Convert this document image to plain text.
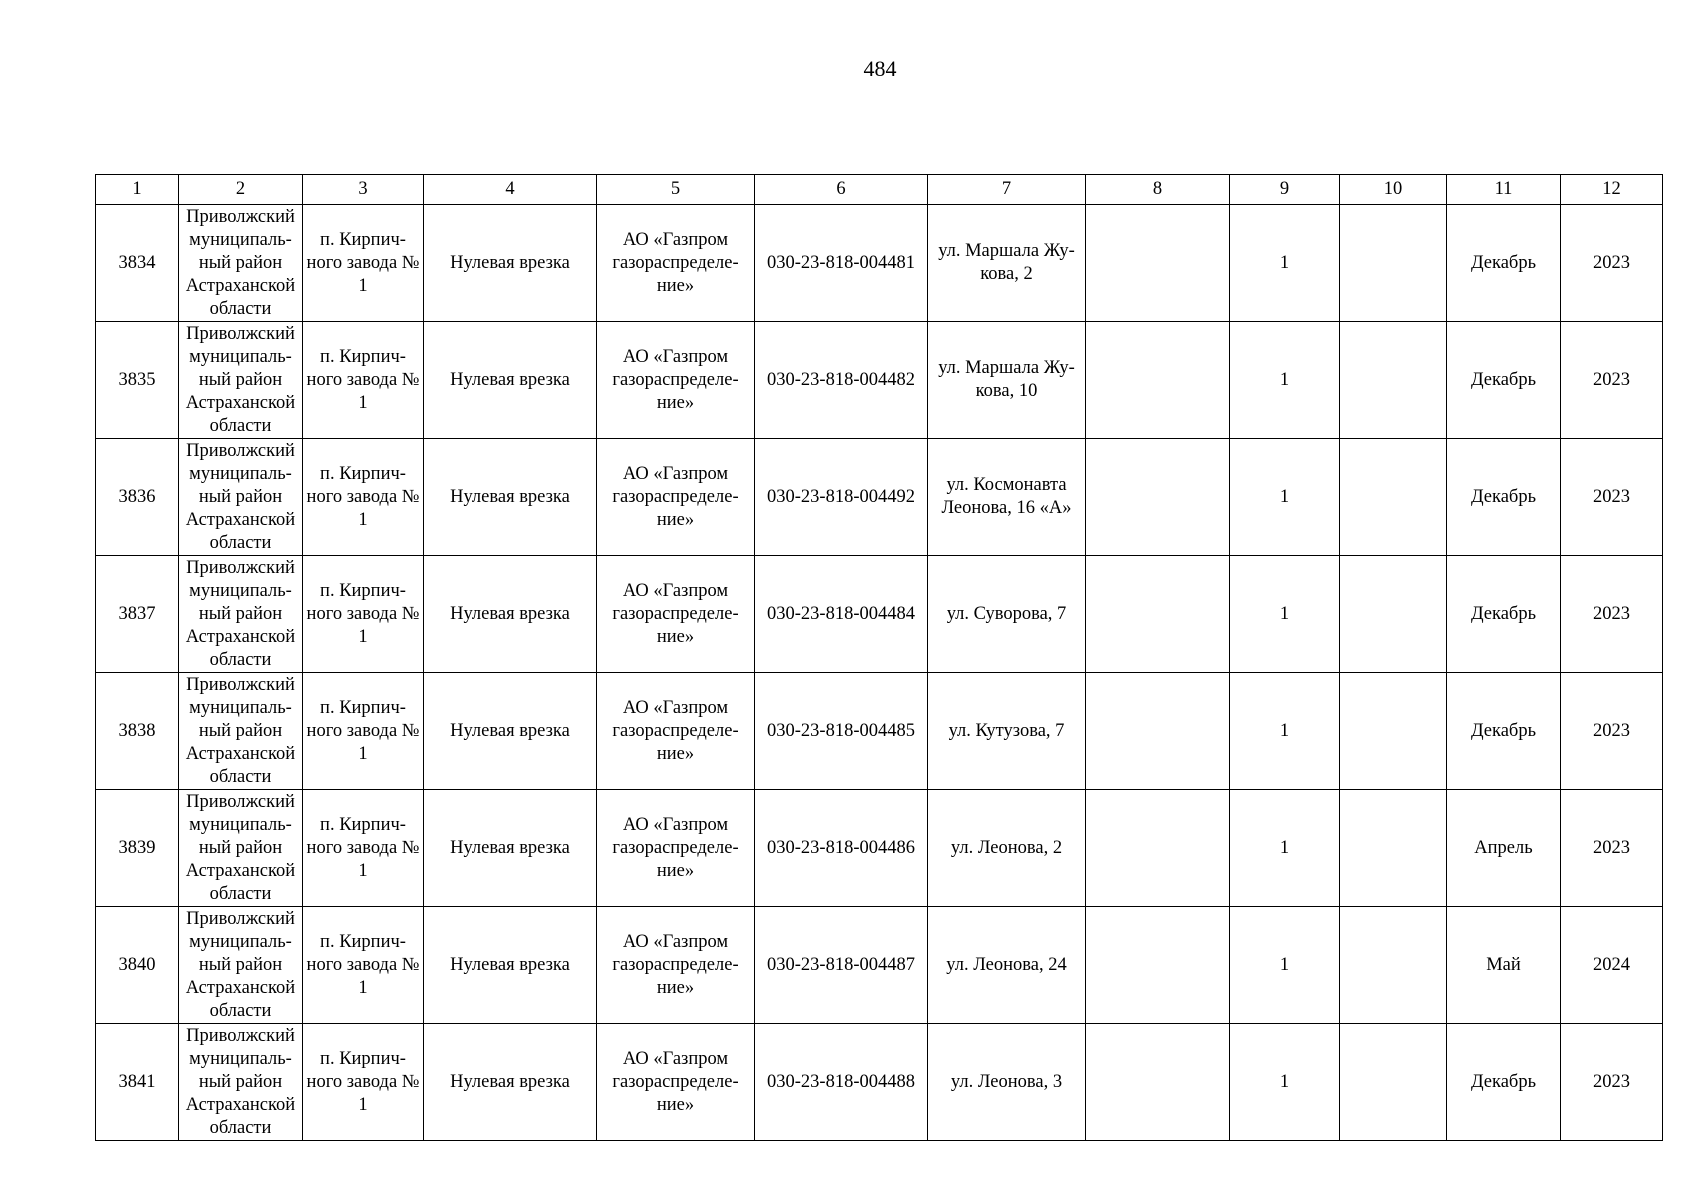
484
1	2	3	4	5	6	7	8	9	10	11	12
3834	Приволжский муниципаль-ный район Астраханской области	п. Кирпич-ного завода № 1	Нулевая врезка	АО «Газпром газораспределе-ние»	030-23-818-004481	ул. Маршала Жу-кова, 2		1		Декабрь	2023
3835	Приволжский муниципаль-ный район Астраханской области	п. Кирпич-ного завода № 1	Нулевая врезка	АО «Газпром газораспределе-ние»	030-23-818-004482	ул. Маршала Жу-кова, 10		1		Декабрь	2023
3836	Приволжский муниципаль-ный район Астраханской области	п. Кирпич-ного завода № 1	Нулевая врезка	АО «Газпром газораспределе-ние»	030-23-818-004492	ул. Космонавта Леонова, 16 «А»		1		Декабрь	2023
3837	Приволжский муниципаль-ный район Астраханской области	п. Кирпич-ного завода № 1	Нулевая врезка	АО «Газпром газораспределе-ние»	030-23-818-004484	ул. Суворова, 7		1		Декабрь	2023
3838	Приволжский муниципаль-ный район Астраханской области	п. Кирпич-ного завода № 1	Нулевая врезка	АО «Газпром газораспределе-ние»	030-23-818-004485	ул. Кутузова, 7		1		Декабрь	2023
3839	Приволжский муниципаль-ный район Астраханской области	п. Кирпич-ного завода № 1	Нулевая врезка	АО «Газпром газораспределе-ние»	030-23-818-004486	ул. Леонова, 2		1		Апрель	2023
3840	Приволжский муниципаль-ный район Астраханской области	п. Кирпич-ного завода № 1	Нулевая врезка	АО «Газпром газораспределе-ние»	030-23-818-004487	ул. Леонова, 24		1		Май	2024
3841	Приволжский муниципаль-ный район Астраханской области	п. Кирпич-ного завода № 1	Нулевая врезка	АО «Газпром газораспределе-ние»	030-23-818-004488	ул. Леонова, 3		1		Декабрь	2023
